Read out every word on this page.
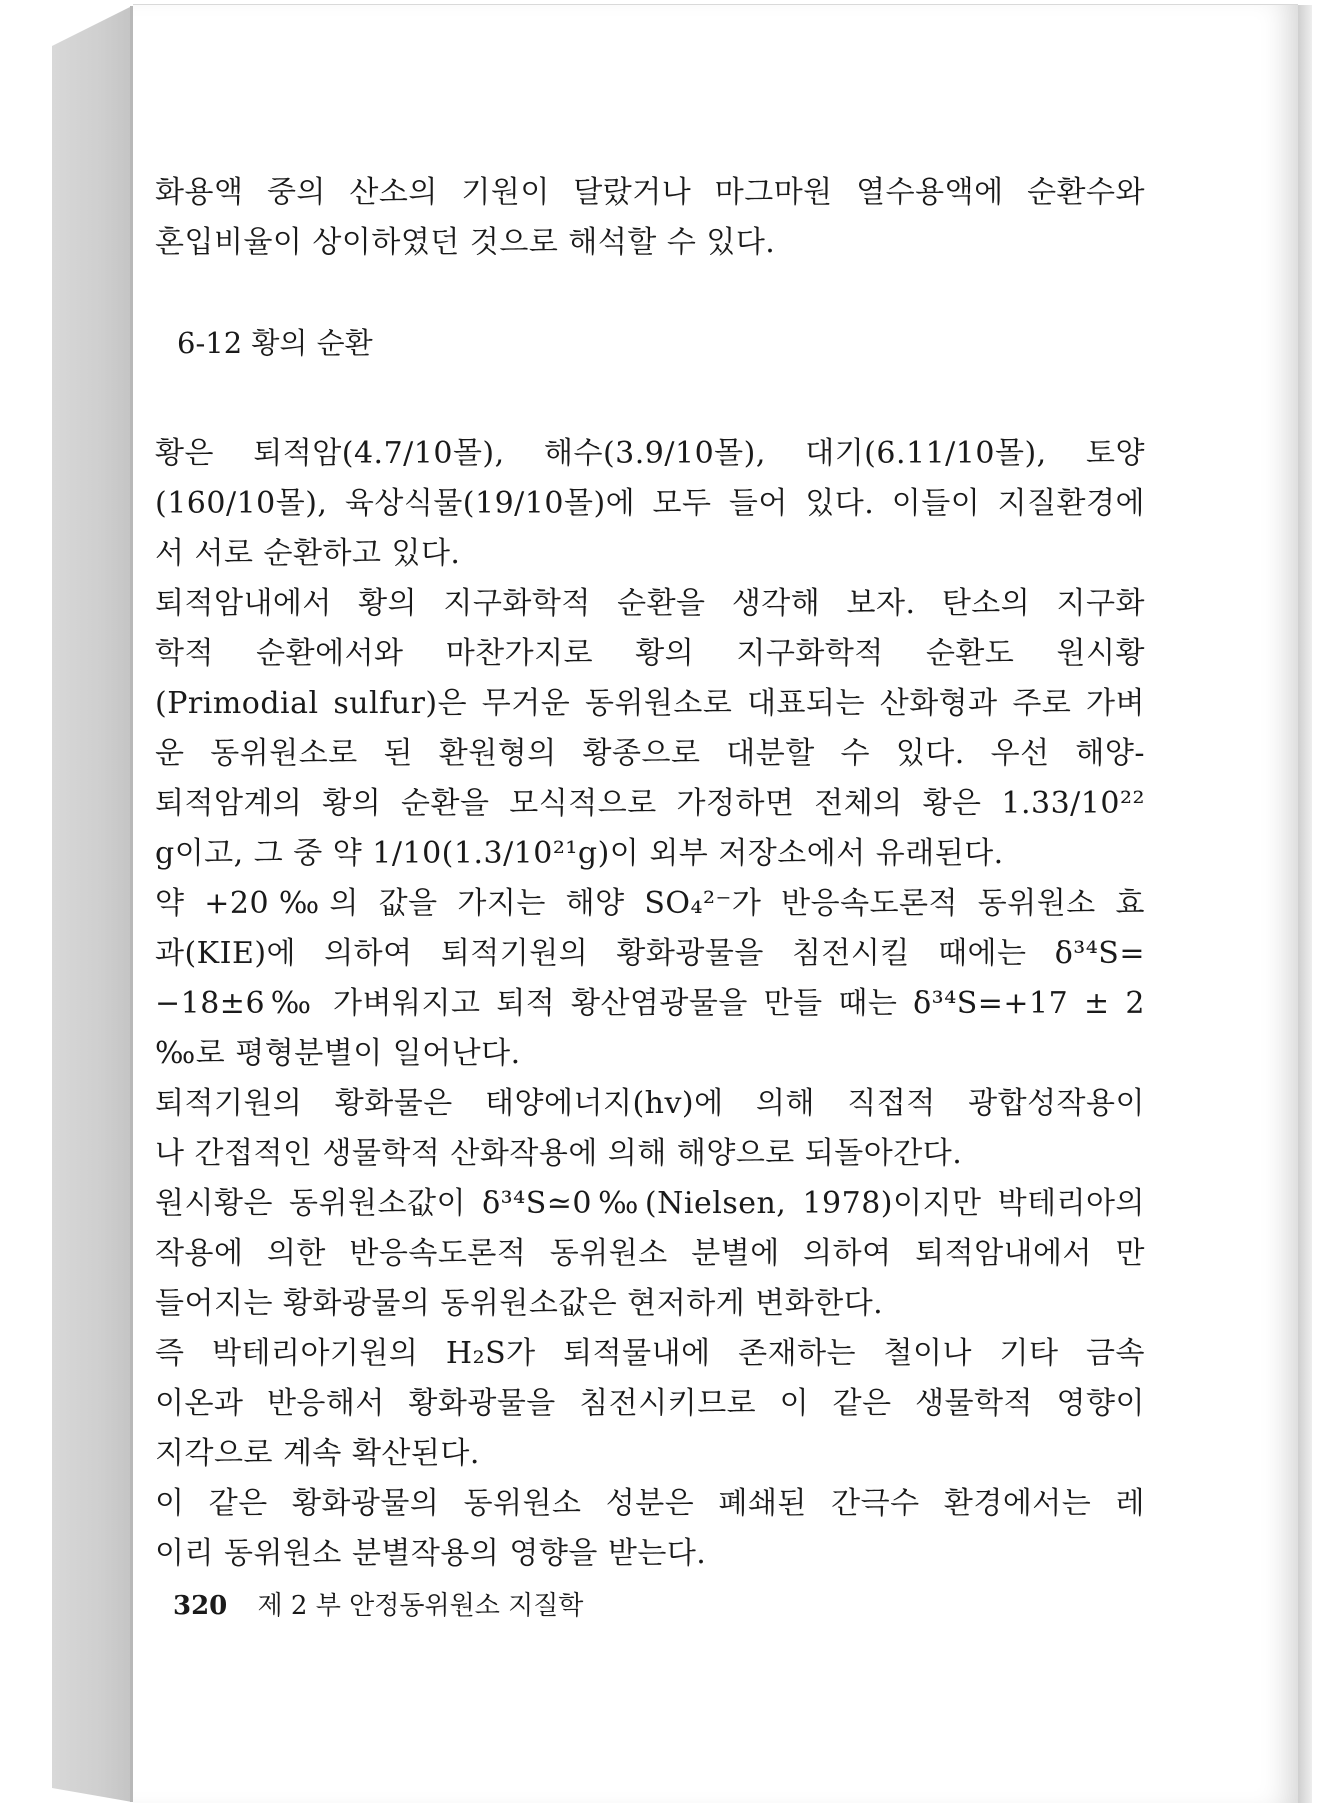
화용액 중의 산소의 기원이 달랐거나 마그마원 열수용액에 순환수와
혼입비율이 상이하였던 것으로 해석할 수 있다.
6-12 황의 순환
황은 퇴적암(4.7/10몰), 해수(3.9/10몰), 대기(6.11/10몰), 토양
(160/10몰), 육상식물(19/10몰)에 모두 들어 있다. 이들이 지질환경에
서 서로 순환하고 있다.
퇴적암내에서 황의 지구화학적 순환을 생각해 보자. 탄소의 지구화
학적 순환에서와 마찬가지로 황의 지구화학적 순환도 원시황
(Primodial sulfur)은 무거운 동위원소로 대표되는 산화형과 주로 가벼
운 동위원소로 된 환원형의 황종으로 대분할 수 있다. 우선 해양-
퇴적암계의 황의 순환을 모식적으로 가정하면 전체의 황은 1.33/10²²
g이고, 그 중 약 1/10(1.3/10²¹g)이 외부 저장소에서 유래된다.
약 +20‰의 값을 가지는 해양 SO₄²⁻가 반응속도론적 동위원소 효
과(KIE)에 의하여 퇴적기원의 황화광물을 침전시킬 때에는 δ³⁴S=
−18±6‰ 가벼워지고 퇴적 황산염광물을 만들 때는 δ³⁴S=+17 ± 2
‰로 평형분별이 일어난다.
퇴적기원의 황화물은 태양에너지(hv)에 의해 직접적 광합성작용이
나 간접적인 생물학적 산화작용에 의해 해양으로 되돌아간다.
원시황은 동위원소값이 δ³⁴S≃0‰(Nielsen, 1978)이지만 박테리아의
작용에 의한 반응속도론적 동위원소 분별에 의하여 퇴적암내에서 만
들어지는 황화광물의 동위원소값은 현저하게 변화한다.
즉 박테리아기원의 H₂S가 퇴적물내에 존재하는 철이나 기타 금속
이온과 반응해서 황화광물을 침전시키므로 이 같은 생물학적 영향이
지각으로 계속 확산된다.
이 같은 황화광물의 동위원소 성분은 폐쇄된 간극수 환경에서는 레
이리 동위원소 분별작용의 영향을 받는다.
320 제 2 부 안정동위원소 지질학
